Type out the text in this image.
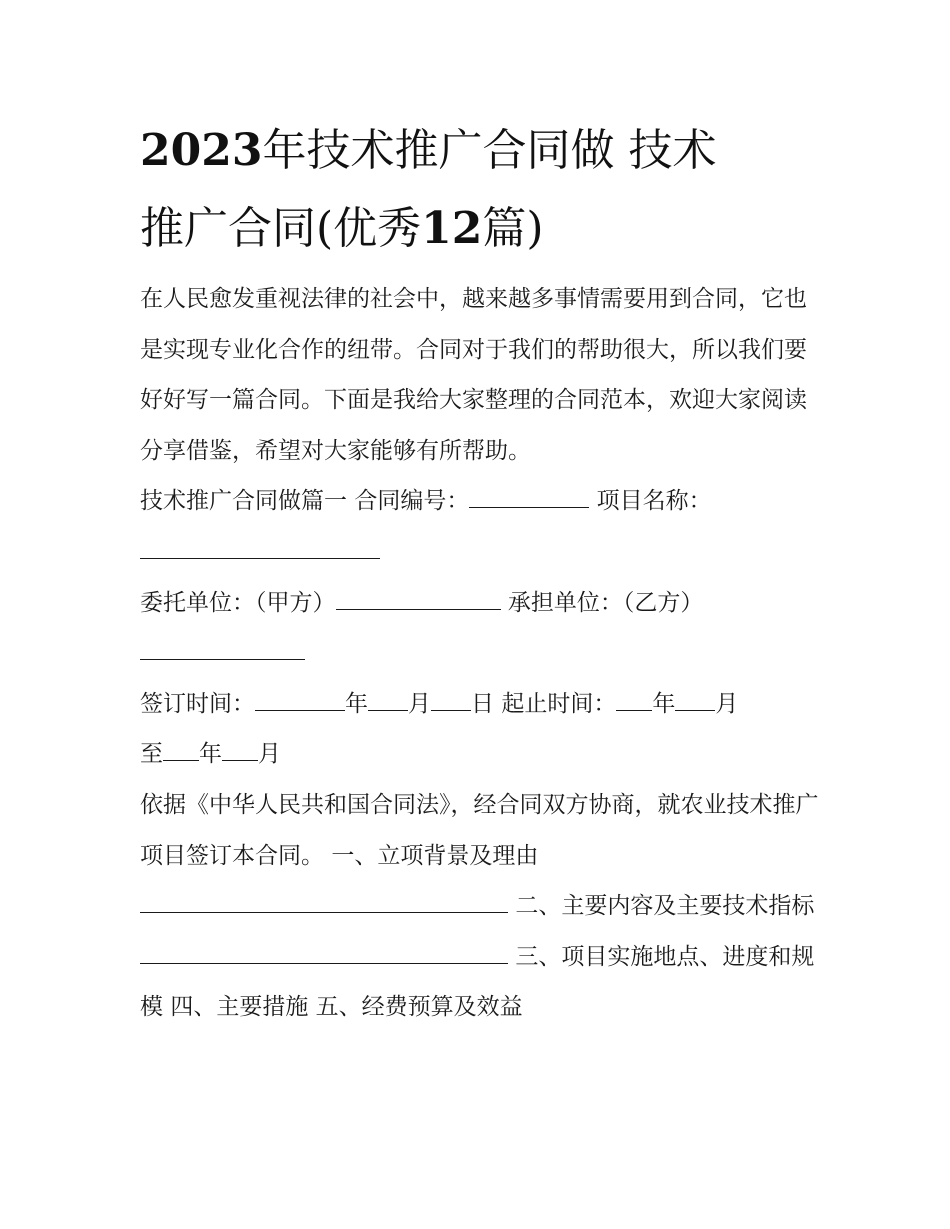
2023年技术推广合同做 技术
推广合同(优秀12篇)

在人民愈发重视法律的社会中，越来越多事情需要用到合同，它也是实现专业化合作的纽带。合同对于我们的帮助很大，所以我们要好好写一篇合同。下面是我给大家整理的合同范本，欢迎大家阅读分享借鉴，希望对大家能够有所帮助。

技术推广合同做篇一 合同编号：	项目名称：

委托单位：（甲方）	承担单位：（乙方）

签订时间：	年 月 日 起止时间： 年 月
至 年 月

依据《中华人民共和国合同法》，经合同双方协商，就农业技术推广项目签订本合同。 一、立项背景及理由
二、主要内容及主要技术指标

三、项目实施地点、进度和规模 四、主要措施 五、经费预算及效益
